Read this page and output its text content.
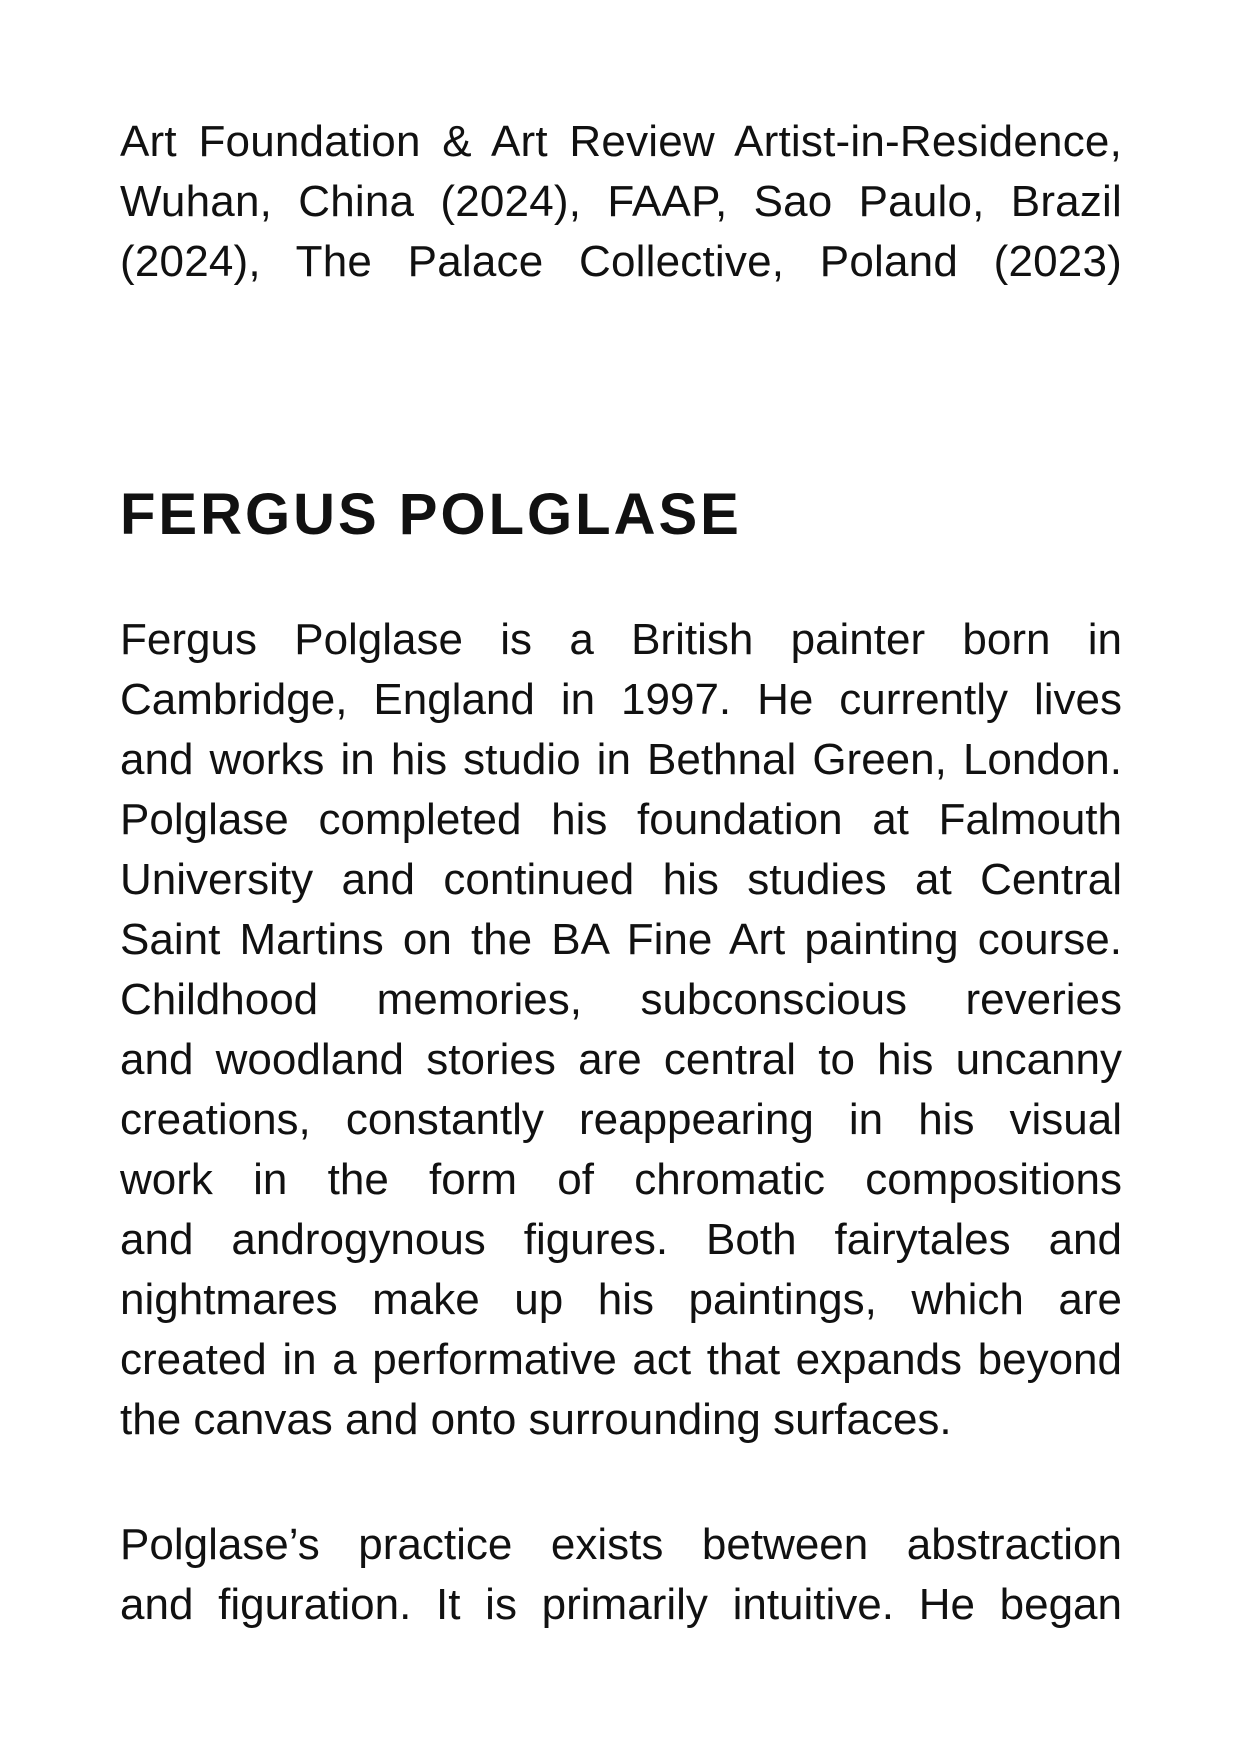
Art Foundation & Art Review Artist-in-Residence,
Wuhan, China (2024), FAAP, Sao Paulo, Brazil
(2024), The Palace Collective, Poland (2023)
FERGUS POLGLASE
Fergus Polglase is a British painter born in
Cambridge, England in 1997. He currently lives
and works in his studio in Bethnal Green, London.
Polglase completed his foundation at Falmouth
University and continued his studies at Central
Saint Martins on the BA Fine Art painting course.
Childhood memories, subconscious reveries
and woodland stories are central to his uncanny
creations, constantly reappearing in his visual
work in the form of chromatic compositions
and androgynous figures. Both fairytales and
nightmares make up his paintings, which are
created in a performative act that expands beyond
the canvas and onto surrounding surfaces.
Polglase’s practice exists between abstraction
and figuration. It is primarily intuitive. He began
